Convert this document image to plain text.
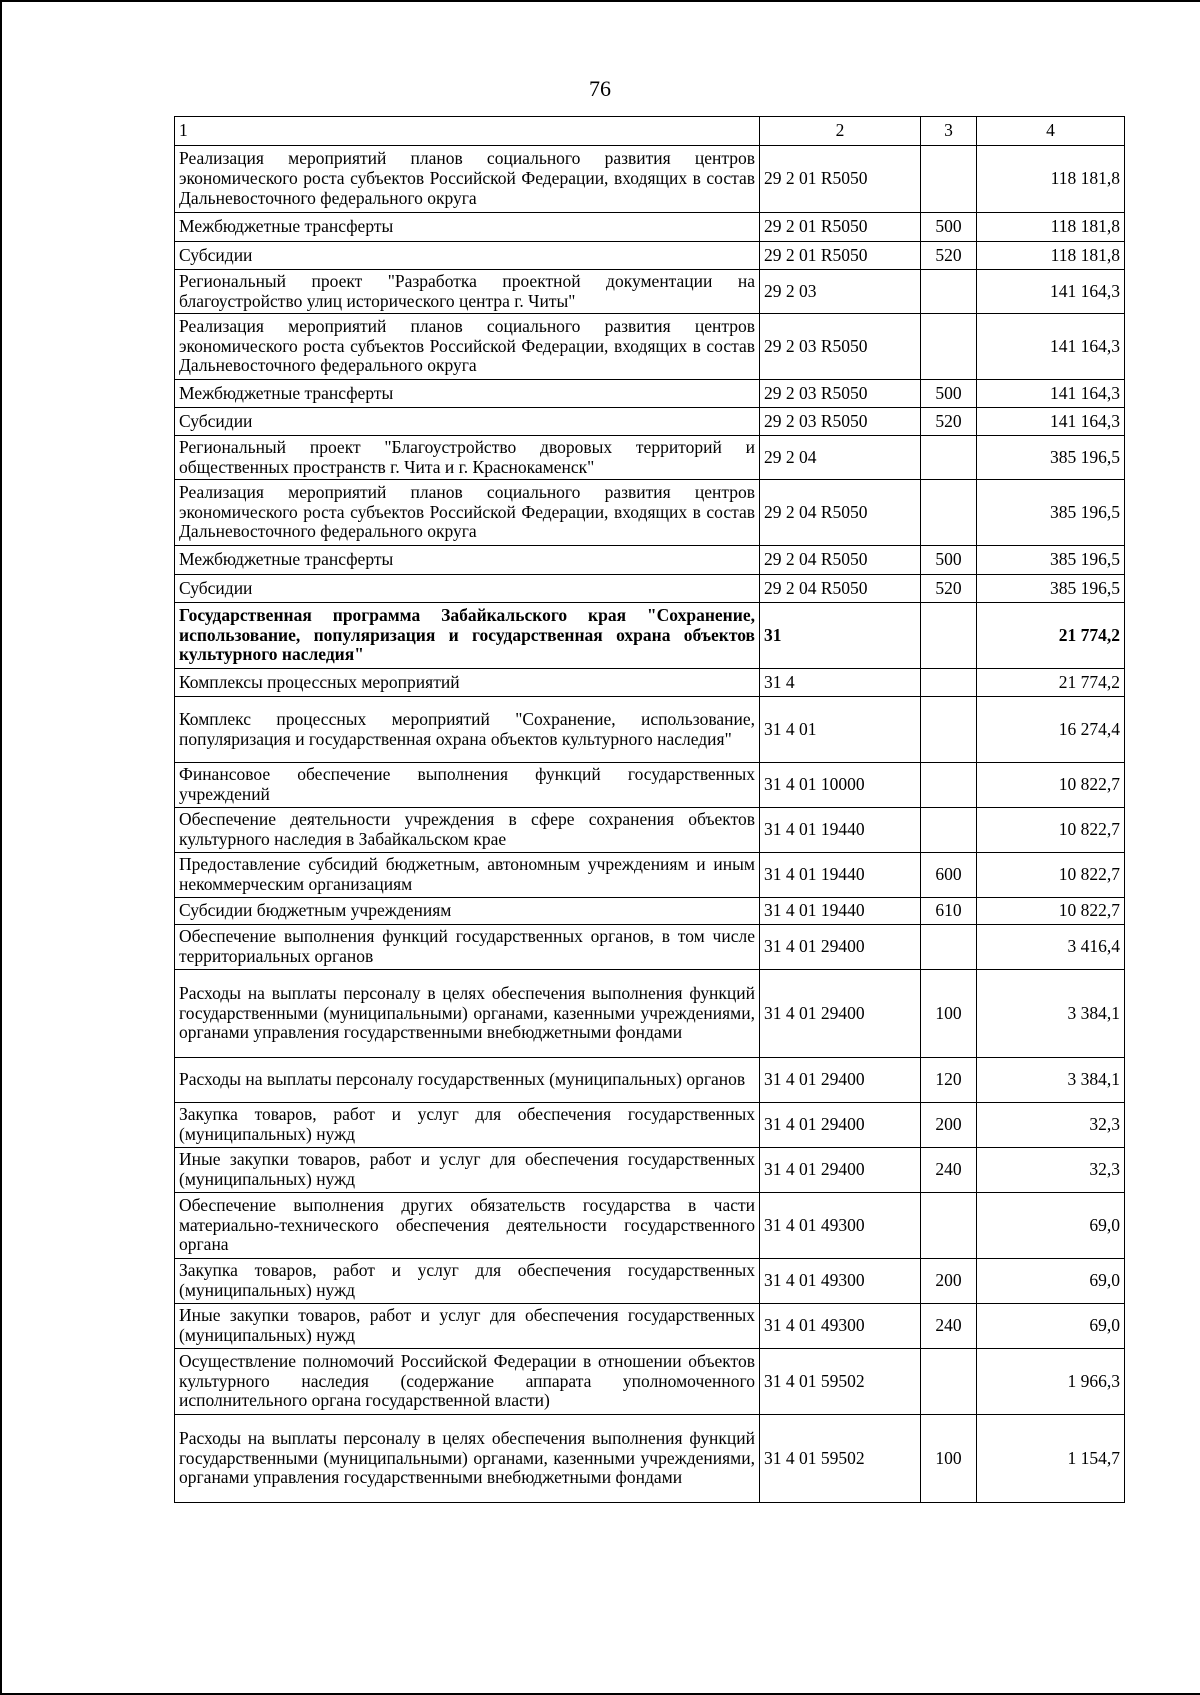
76
1	2	3	4
Реализация мероприятий планов социального развития центров экономического роста субъектов Российской Федерации, входящих в состав Дальневосточного федерального округа	29 2 01 R5050		118 181,8
Межбюджетные трансферты	29 2 01 R5050	500	118 181,8
Субсидии	29 2 01 R5050	520	118 181,8
Региональный проект "Разработка проектной документации на благоустройство улиц исторического центра г. Читы"	29 2 03		141 164,3
Реализация мероприятий планов социального развития центров экономического роста субъектов Российской Федерации, входящих в состав Дальневосточного федерального округа	29 2 03 R5050		141 164,3
Межбюджетные трансферты	29 2 03 R5050	500	141 164,3
Субсидии	29 2 03 R5050	520	141 164,3
Региональный проект "Благоустройство дворовых территорий и общественных пространств г. Чита и г. Краснокаменск"	29 2 04		385 196,5
Реализация мероприятий планов социального развития центров экономического роста субъектов Российской Федерации, входящих в состав Дальневосточного федерального округа	29 2 04 R5050		385 196,5
Межбюджетные трансферты	29 2 04 R5050	500	385 196,5
Субсидии	29 2 04 R5050	520	385 196,5
Государственная программа Забайкальского края "Сохранение, использование, популяризация и государственная охрана объектов культурного наследия"	31		21 774,2
Комплексы процессных мероприятий	31 4		21 774,2
Комплекс процессных мероприятий "Сохранение, использование, популяризация и государственная охрана объектов культурного наследия"	31 4 01		16 274,4
Финансовое обеспечение выполнения функций государственных учреждений	31 4 01 10000		10 822,7
Обеспечение деятельности учреждения в сфере сохранения объектов культурного наследия в Забайкальском крае	31 4 01 19440		10 822,7
Предоставление субсидий бюджетным, автономным учреждениям и иным некоммерческим организациям	31 4 01 19440	600	10 822,7
Субсидии бюджетным учреждениям	31 4 01 19440	610	10 822,7
Обеспечение выполнения функций государственных органов, в том числе территориальных органов	31 4 01 29400		3 416,4
Расходы на выплаты персоналу в целях обеспечения выполнения функций государственными (муниципальными) органами, казенными учреждениями, органами управления государственными внебюджетными фондами	31 4 01 29400	100	3 384,1
Расходы на выплаты персоналу государственных (муниципальных) органов	31 4 01 29400	120	3 384,1
Закупка товаров, работ и услуг для обеспечения государственных (муниципальных) нужд	31 4 01 29400	200	32,3
Иные закупки товаров, работ и услуг для обеспечения государственных (муниципальных) нужд	31 4 01 29400	240	32,3
Обеспечение выполнения других обязательств государства в части материально-технического обеспечения деятельности государственного органа	31 4 01 49300		69,0
Закупка товаров, работ и услуг для обеспечения государственных (муниципальных) нужд	31 4 01 49300	200	69,0
Иные закупки товаров, работ и услуг для обеспечения государственных (муниципальных) нужд	31 4 01 49300	240	69,0
Осуществление полномочий Российской Федерации в отношении объектов культурного наследия (содержание аппарата уполномоченного исполнительного органа государственной власти)	31 4 01 59502		1 966,3
Расходы на выплаты персоналу в целях обеспечения выполнения функций государственными (муниципальными) органами, казенными учреждениями, органами управления государственными внебюджетными фондами	31 4 01 59502	100	1 154,7
